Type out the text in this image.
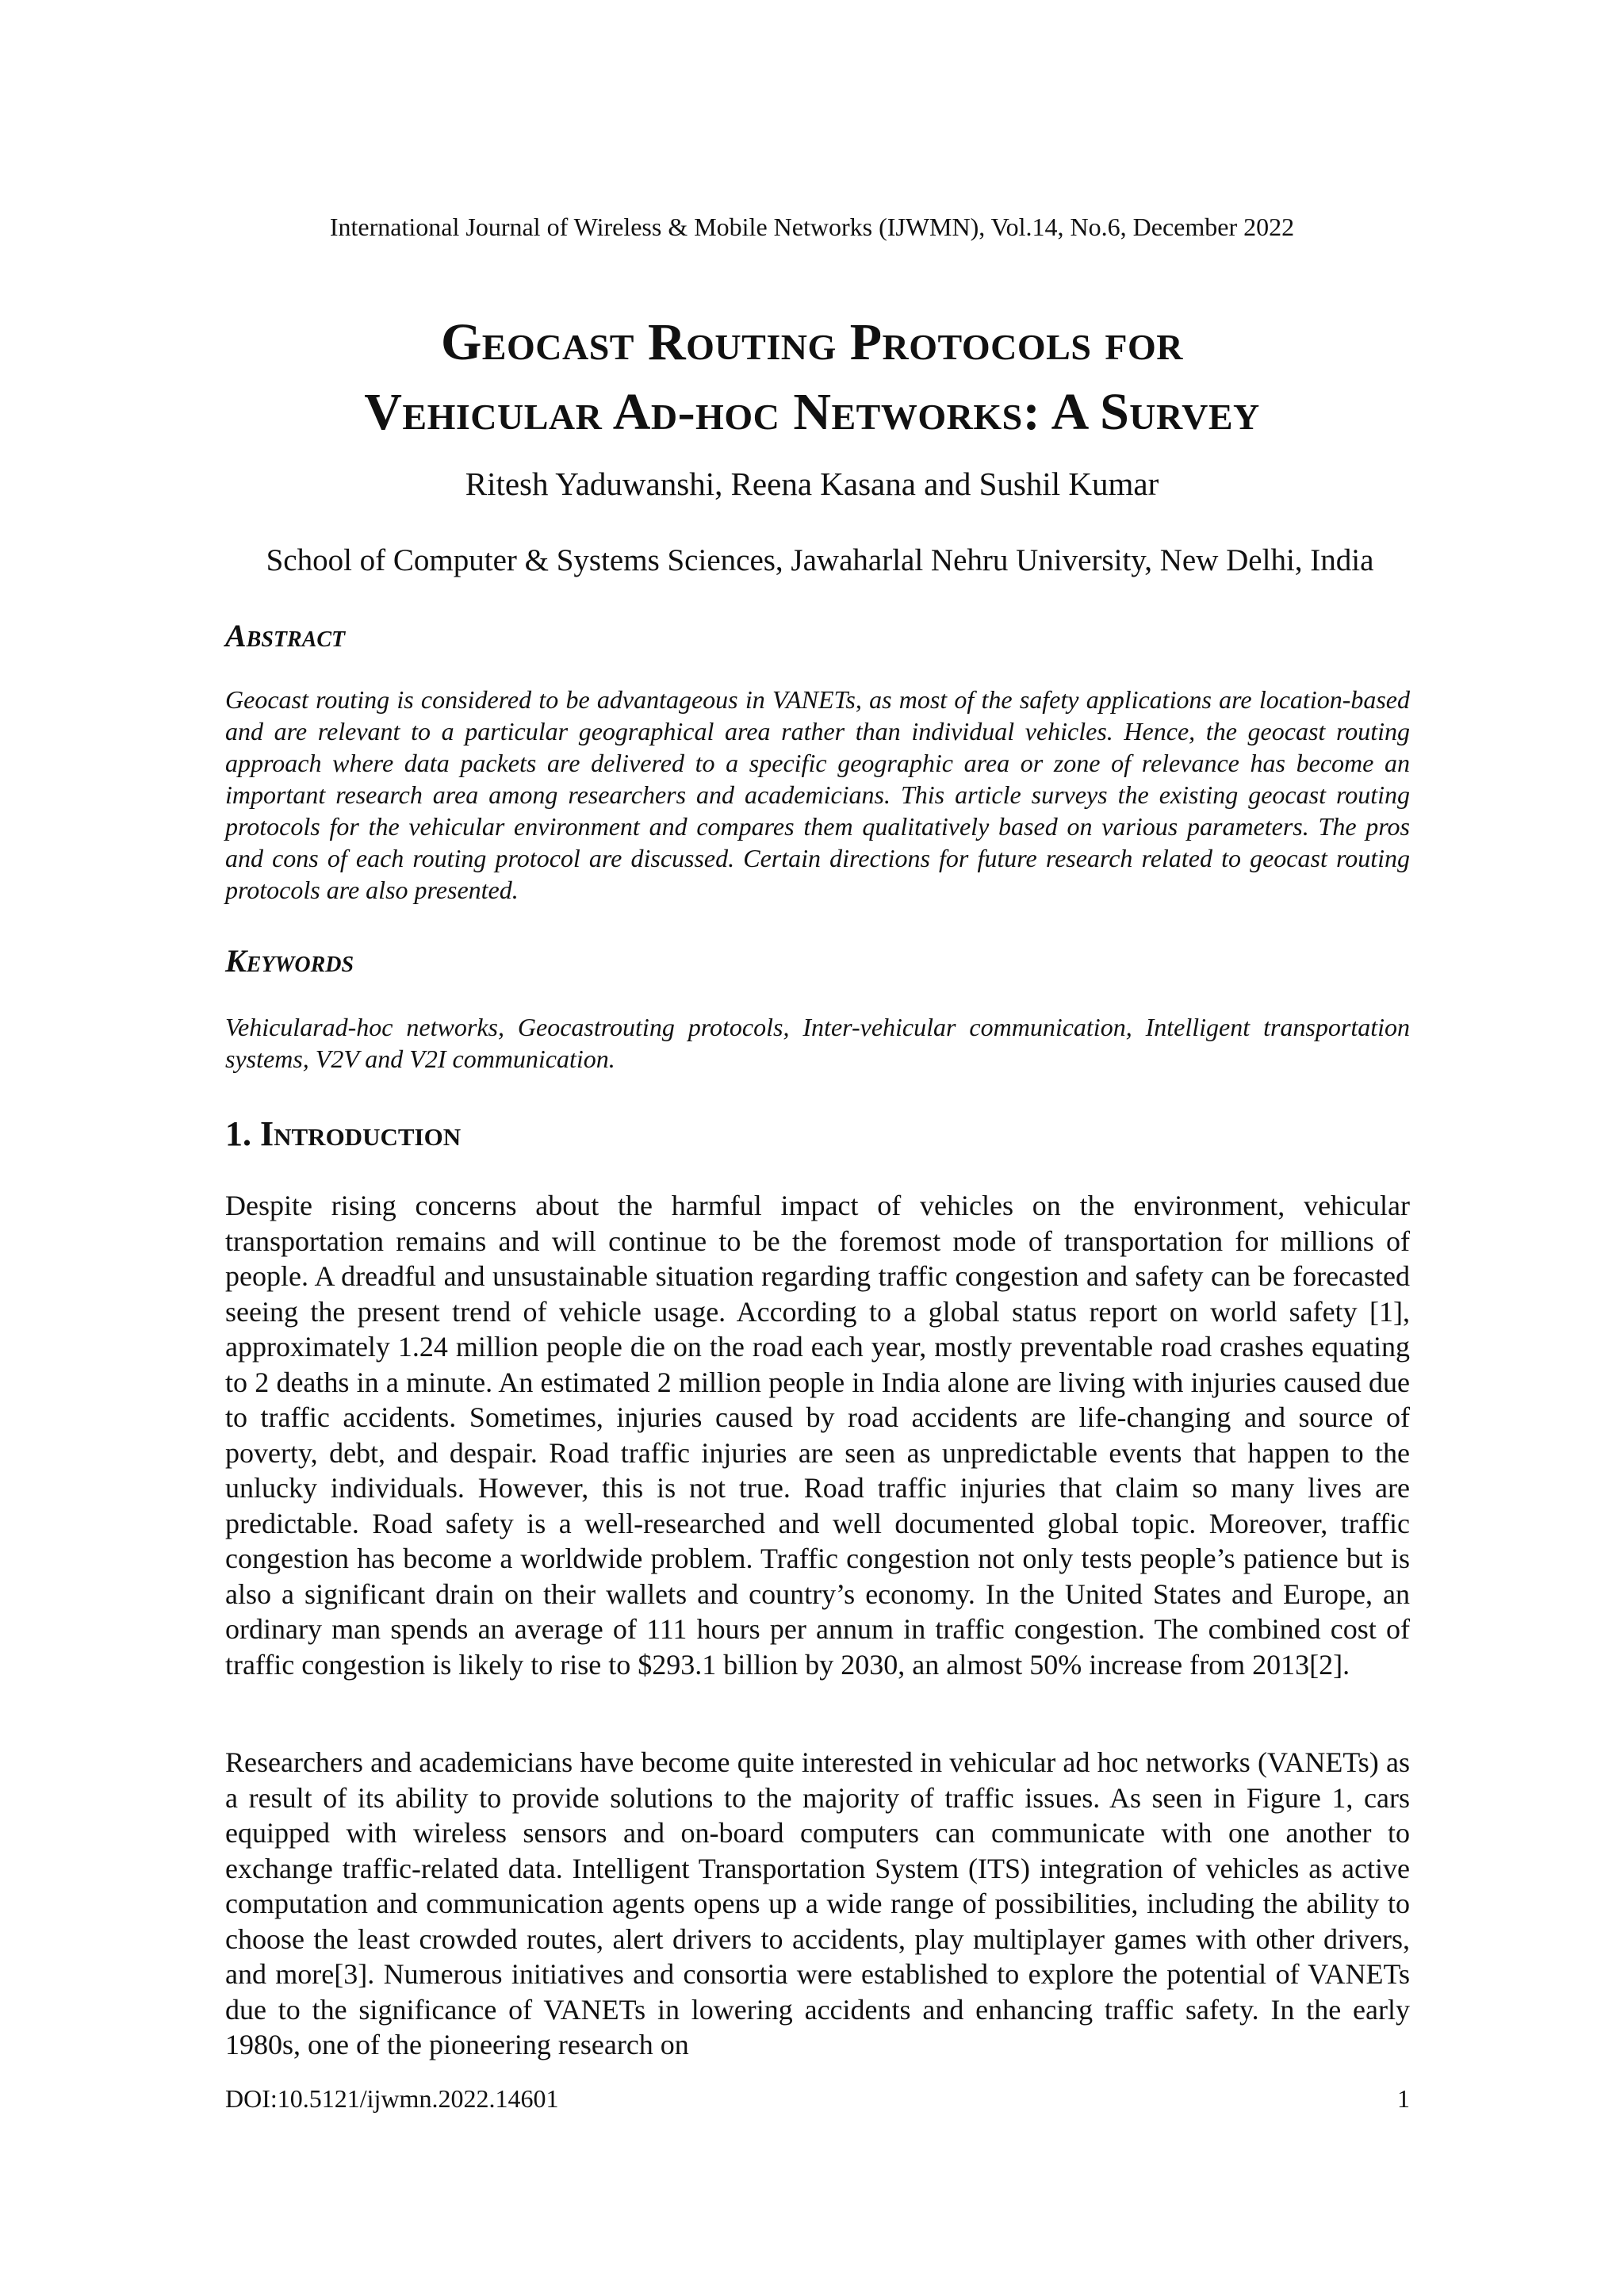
International Journal of Wireless & Mobile Networks (IJWMN), Vol.14, No.6, December 2022
Geocast Routing Protocols for
Vehicular Ad-hoc Networks: A Survey
Ritesh Yaduwanshi, Reena Kasana and Sushil Kumar
School of Computer & Systems Sciences, Jawaharlal Nehru University, New Delhi, India
Abstract
Geocast routing is considered to be advantageous in VANETs, as most of the safety applications are location-based and are relevant to a particular geographical area rather than individual vehicles. Hence, the geocast routing approach where data packets are delivered to a specific geographic area or zone of relevance has become an important research area among researchers and academicians. This article surveys the existing geocast routing protocols for the vehicular environment and compares them qualitatively based on various parameters. The pros and cons of each routing protocol are discussed. Certain directions for future research related to geocast routing protocols are also presented.
Keywords
Vehicularad-hoc networks, Geocastrouting protocols, Inter-vehicular communication, Intelligent transportation systems, V2V and V2I communication.
1. Introduction
Despite rising concerns about the harmful impact of vehicles on the environment, vehicular transportation remains and will continue to be the foremost mode of transportation for millions of people. A dreadful and unsustainable situation regarding traffic congestion and safety can be forecasted seeing the present trend of vehicle usage. According to a global status report on world safety [1], approximately 1.24 million people die on the road each year, mostly preventable road crashes equating to 2 deaths in a minute. An estimated 2 million people in India alone are living with injuries caused due to traffic accidents. Sometimes, injuries caused by road accidents are life-changing and source of poverty, debt, and despair. Road traffic injuries are seen as unpredictable events that happen to the unlucky individuals. However, this is not true. Road traffic injuries that claim so many lives are predictable. Road safety is a well-researched and well documented global topic. Moreover, traffic congestion has become a worldwide problem. Traffic congestion not only tests people’s patience but is also a significant drain on their wallets and country’s economy. In the United States and Europe, an ordinary man spends an average of 111 hours per annum in traffic congestion. The combined cost of traffic congestion is likely to rise to $293.1 billion by 2030, an almost 50% increase from 2013[2].
Researchers and academicians have become quite interested in vehicular ad hoc networks (VANETs) as a result of its ability to provide solutions to the majority of traffic issues. As seen in Figure 1, cars equipped with wireless sensors and on-board computers can communicate with one another to exchange traffic-related data. Intelligent Transportation System (ITS) integration of vehicles as active computation and communication agents opens up a wide range of possibilities, including the ability to choose the least crowded routes, alert drivers to accidents, play multiplayer games with other drivers, and more[3]. Numerous initiatives and consortia were established to explore the potential of VANETs due to the significance of VANETs in lowering accidents and enhancing traffic safety. In the early 1980s, one of the pioneering research on
DOI:10.5121/ijwmn.2022.14601	1
